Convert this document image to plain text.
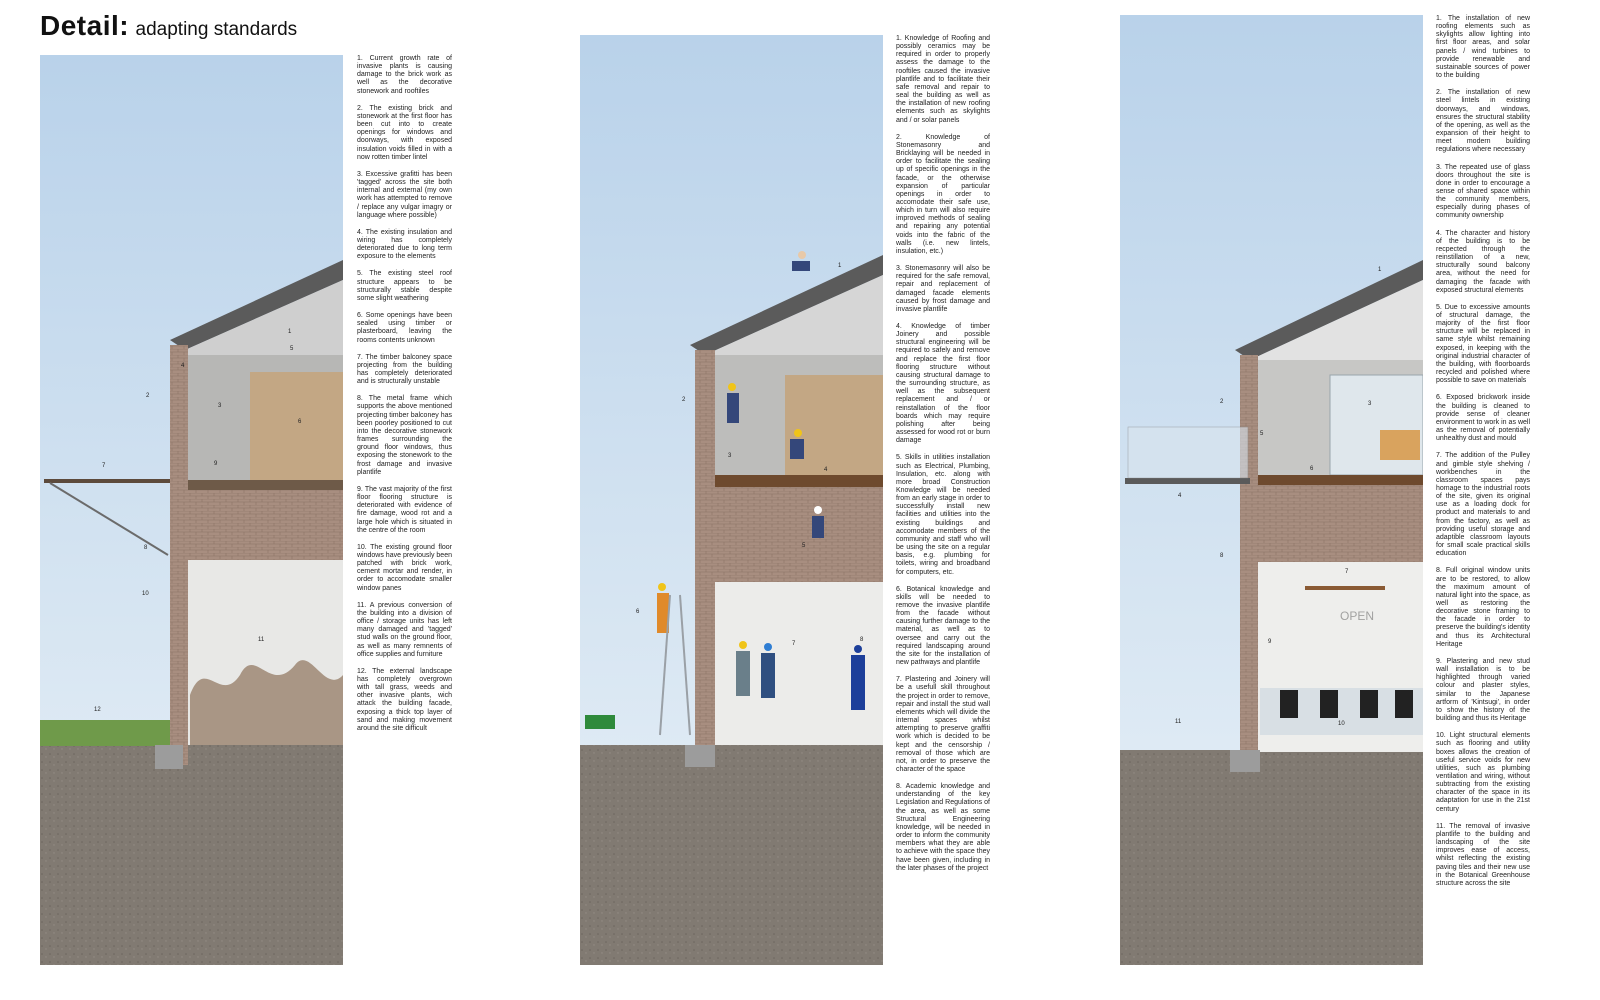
Detail: adapting standards
1
2
3
4
5
6
7
8
9
10
11
12

1. Current growth rate of invasive plants is causing damage to the brick work as well as the decorative stonework and rooftiles

2. The existing brick and stonework at the first floor has been cut into to create openings for windows and doorways, with exposed insulation voids filled in with a now rotten timber lintel

3. Excessive grafitti has been 'tagged' across the site both internal and external (my own work has attempted to remove / replace any vulgar imagry or language where possible)

4. The existing insulation and wiring has completely deteriorated due to long term exposure to the elements

5. The existing steel roof structure appears to be structurally stable despite some slight weathering

6. Some openings have been sealed using timber or plasterboard, leaving the rooms contents unknown

7. The timber balconey space projecting from the building has completely deteriorated and is structurally unstable

8. The metal frame which supports the above mentioned projecting timber balconey has been poorley positioned to cut into the decorative stonework frames surrounding the ground floor windows, thus exposing the stonework to the frost damage and invasive plantlife

9. The vast majority of the first floor flooring structure is deteriorated with evidence of fire damage, wood rot and a large hole which is situated in the centre of the room

10. The existing ground floor windows have previously been patched with brick work, cement mortar and render, in order to accomodate smaller window panes

11. A previous conversion of the building into a division of office / storage units has left many damaged and 'tagged' stud walls on the ground floor, as well as many remnents of office supplies and furniture

12. The external landscape has completely overgrown with tall grass, weeds and other invasive plants, wich attack the building facade, exposing a thick top layer of sand and making movement around the site difficult

1
2
3
4
5
6
7
8

1. Knowledge of Roofing and possibly ceramics may be required in order to properly assess the damage to the rooftiles caused the invasive plantlife and to facilitate their safe removal and repair to seal the building as well as the installation of new roofing elements such as skylights and / or solar panels

2. Knowledge of Stonemasonry and Bricklaying will be needed in order to facilitate the sealing up of specific openings in the facade, or the otherwise expansion of particular openings in order to accomodate their safe use, which in turn will also require improved methods of sealing and repairing any potential voids into the fabric of the walls (i.e. new lintels, insulation, etc.)

3. Stonemasonry will also be required for the safe removal, repair and replacement of damaged facade elements caused by frost damage and invasive plantlife

4. Knowledge of timber Joinery and possible structural engineering will be required to safely and remove and replace the first floor flooring structure without causing structural damage to the surrounding structure, as well as the subsequent replacement and / or reinstallation of the floor boards which may require polishing after being assessed for wood rot or burn damage

5. Skills in utilities installation such as Electrical, Plumbing, Insulation, etc. along with more broad Construction Knowledge will be needed from an early stage in order to successfully install new facilities and utilities into the existing buildings and accomodate members of the community and staff who will be using the site on a regular basis, e.g. plumbing for toilets, wiring and broadband for computers, etc.

6. Botanical knowledge and skills will be needed to remove the invasive plantlife from the facade without causing further damage to the material, as well as to oversee and carry out the required landscaping around the site for the installation of new pathways and plantlife

7. Plastering and Joinery will be a usefull skill throughout the project in order to remove, repair and install the stud wall elements which will divide the internal spaces whilst attempting to preserve graffiti work which is decided to be kept and the censorship / removal of those which are not, in order to preserve the character of the space

8. Academic knowledge and understanding of the key Legislation and Regulations of the area, as well as some Structural Engineering knowledge, will be needed in order to inform the community members what they are able to achieve with the space they have been given, including in the later phases of the project

OPEN
1
2	3
4
5
6
7
8
9
10
11

1. The installation of new roofing elements such as skylights allow lighting into first floor areas, and solar panels / wind turbines to provide renewable and sustainable sources of power to the building

2. The installation of new steel lintels in existing doorways, and windows, ensures the structural stability of the opening, as well as the expansion of their height to meet modern building regulations where necessary

3. The repeated use of glass doors throughout the site is done in order to encourage a sense of shared space within the community members, especially during phases of community ownership

4. The character and history of the building is to be recpected through the reinstillation of a new, structurally sound balcony area, without the need for damaging the facade with exposed structural elements

5. Due to excessive amounts of structural damage, the majority of the first floor structure will be replaced in same style whilst remaining exposed, in keeping with the original industrial character of the building, with floorboards recycled and polished where possible to save on materials

6. Exposed brickwork inside the building is cleaned to provide sense of cleaner environment to work in as well as the removal of potentially unhealthy dust and mould

7. The addition of the Pulley and gimble style shelving / workbenches in the classroom spaces pays homage to the industrial roots of the site, given its original use as a loading dock for product and materials to and from the factory, as well as providing useful storage and adaptible classroom layouts for small scale practical skills education

8. Full original window units are to be restored, to allow the maximum amount of natural light into the space, as well as restoring the decorative stone framing to the facade in order to preserve the building's identity and thus its Architectural Heritage

9. Plastering and new stud wall installation is to be highlighted through varied colour and plaster styles, similar to the Japanese artform of 'Kintsugi', in order to show the history of the building and thus its Heritage

10. Light structural elements such as flooring and utility boxes allows the creation of useful service voids for new utilities, such as plumbing ventilation and wiring, without subtracting from the existing character of the space in its adaptation for use in the 21st century

11. The removal of invasive plantlife to the building and landscaping of the site improves ease of access, whilst reflecting the existing paving tiles and their new use in the Botanical Greenhouse structure across the site
